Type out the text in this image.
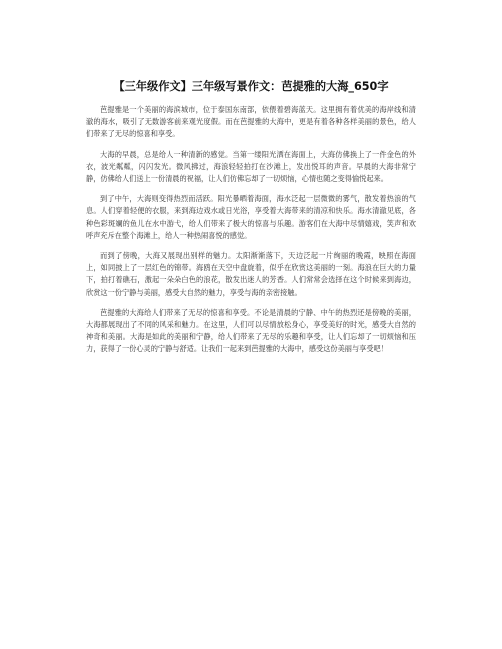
【三年级作文】三年级写景作文：芭提雅的大海_650字

芭提雅是一个美丽的海滨城市，位于泰国东南部，依偎着碧海蓝天。这里拥有着优美的海岸线和清澈的海水，吸引了无数游客前来观光度假。而在芭提雅的大海中，更是有着各种各样美丽的景色，给人们带来了无尽的惊喜和享受。

大海的早晨，总是给人一种清新的感觉。当第一缕阳光洒在海面上，大海仿佛换上了一件金色的外衣，波光粼粼，闪闪发光。微风拂过，海浪轻轻拍打在沙滩上，发出悦耳的声音。早晨的大海非常宁静，仿佛给人们送上一份清晨的祝福，让人们仿佛忘却了一切烦恼，心情也随之变得愉悦起来。

到了中午，大海则变得热烈而活跃。阳光暴晒着海面，海水泛起一层微微的雾气，散发着热浪的气息。人们穿着轻便的衣服，来到海边戏水或日光浴，享受着大海带来的清凉和快乐。海水清澈见底，各种色彩斑斓的鱼儿在水中游弋，给人们带来了极大的惊喜与乐趣。游客们在大海中尽情嬉戏，笑声和欢呼声充斥在整个海滩上，给人一种热闹喜悦的感觉。

而到了傍晚，大海又展现出别样的魅力。太阳渐渐落下，天边泛起一片绚丽的晚霞，映照在海面上，如同披上了一层红色的锦带。海鸥在天空中盘旋着，似乎在欣赏这美丽的一刻。海浪在巨大的力量下，拍打着礁石，激起一朵朵白色的浪花，散发出迷人的芳香。人们常常会选择在这个时候来到海边，欣赏这一份宁静与美丽，感受大自然的魅力，享受与海的亲密接触。

芭提雅的大海给人们带来了无尽的惊喜和享受。不论是清晨的宁静、中午的热烈还是傍晚的美丽，大海都展现出了不同的风采和魅力。在这里，人们可以尽情放松身心，享受美好的时光，感受大自然的神奇和美丽。大海是如此的美丽和宁静，给人们带来了无尽的乐趣和享受，让人们忘却了一切烦恼和压力，获得了一份心灵的宁静与舒适。让我们一起来到芭提雅的大海中，感受这份美丽与享受吧！
